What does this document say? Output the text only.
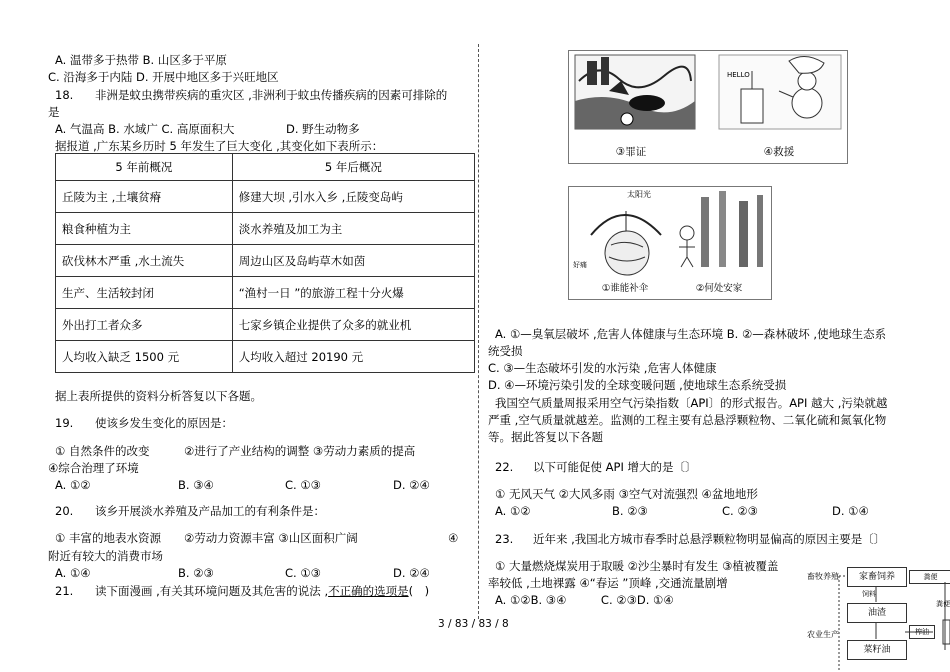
A. 温带多于热带 B. 山区多于平原
C. 沿海多于内陆 D. 开展中地区多于兴旺地区
18. 非洲是蚊虫携带疾病的重灾区 ,非洲利于蚊虫传播疾病的因素可排除的
是
A. 气温高 B. 水域广 C. 高原面积大	D. 野生动物多
据报道 ,广东某乡历时 5 年发生了巨大变化 ,其变化如下表所示：
5 年前概况	5 年后概况
丘陵为主 ,土壤贫瘠	修建大坝 ,引水入乡 ,丘陵变岛屿
粮食种植为主	淡水养殖及加工为主
砍伐林木严重 ,水土流失	周边山区及岛屿草木如茵
生产、生活较封闭	“渔村一日 ”的旅游工程十分火爆
外出打工者众多	七家乡镇企业提供了众多的就业机
人均收入缺乏 1500 元	人均收入超过 20190 元
据上表所提供的资料分析答复以下各题。
19. 使该乡发生变化的原因是：
① 自然条件的改变　　　②进行了产业结构的调整 ③劳动力素质的提高
④综合治理了环境
A. ①②	B. ③④	C. ①③	D. ②④
20. 该乡开展淡水养殖及产品加工的有利条件是：
① 丰富的地表水资源　　②劳动力资源丰富 ③山区面积广阔	④
附近有较大的消费市场
A. ①④	B. ②③	C. ①③	D. ②④
21. 读下面漫画 ,有关其环境问题及其危害的说法 ,不正确的选项是(　)
HELLO
③罪证	④救援
太阳光
好痛
①谁能补伞	②何处安家
A. ①—臭氧层破坏 ,危害人体健康与生态环境 B. ②—森林破坏 ,使地球生态系
统受损
C. ③—生态破坏引发的水污染 ,危害人体健康
D. ④—环境污染引发的全球变暖问题 ,使地球生态系统受损
我国空气质量周报采用空气污染指数〔API〕的形式报告。API 越大 ,污染就越
严重 ,空气质量就越差。监测的工程主要有总悬浮颗粒物、二氧化硫和氮氧化物
等。据此答复以下各题
22. 以下可能促使 API 增大的是〔〕
① 无风天气 ②大风多雨 ③空气对流强烈 ④盆地地形
A. ①②	B. ②③	C. ②③	D. ①④
23. 近年来 ,我国北方城市春季时总悬浮颗粒物明显偏高的原因主要是〔〕
① 大量燃烧煤炭用于取暖 ②沙尘暴时有发生 ③植被覆盖
率较低 ,土地裸露 ④“春运 ”顶峰 ,交通流量剧增
A. ①②B. ③④　　　C. ②③D. ①④
畜牧养殖
农业生产
家畜饲养	粪便
饲料
油渣
榨油
菜籽油
粪便
3 / 83 / 83 / 8
